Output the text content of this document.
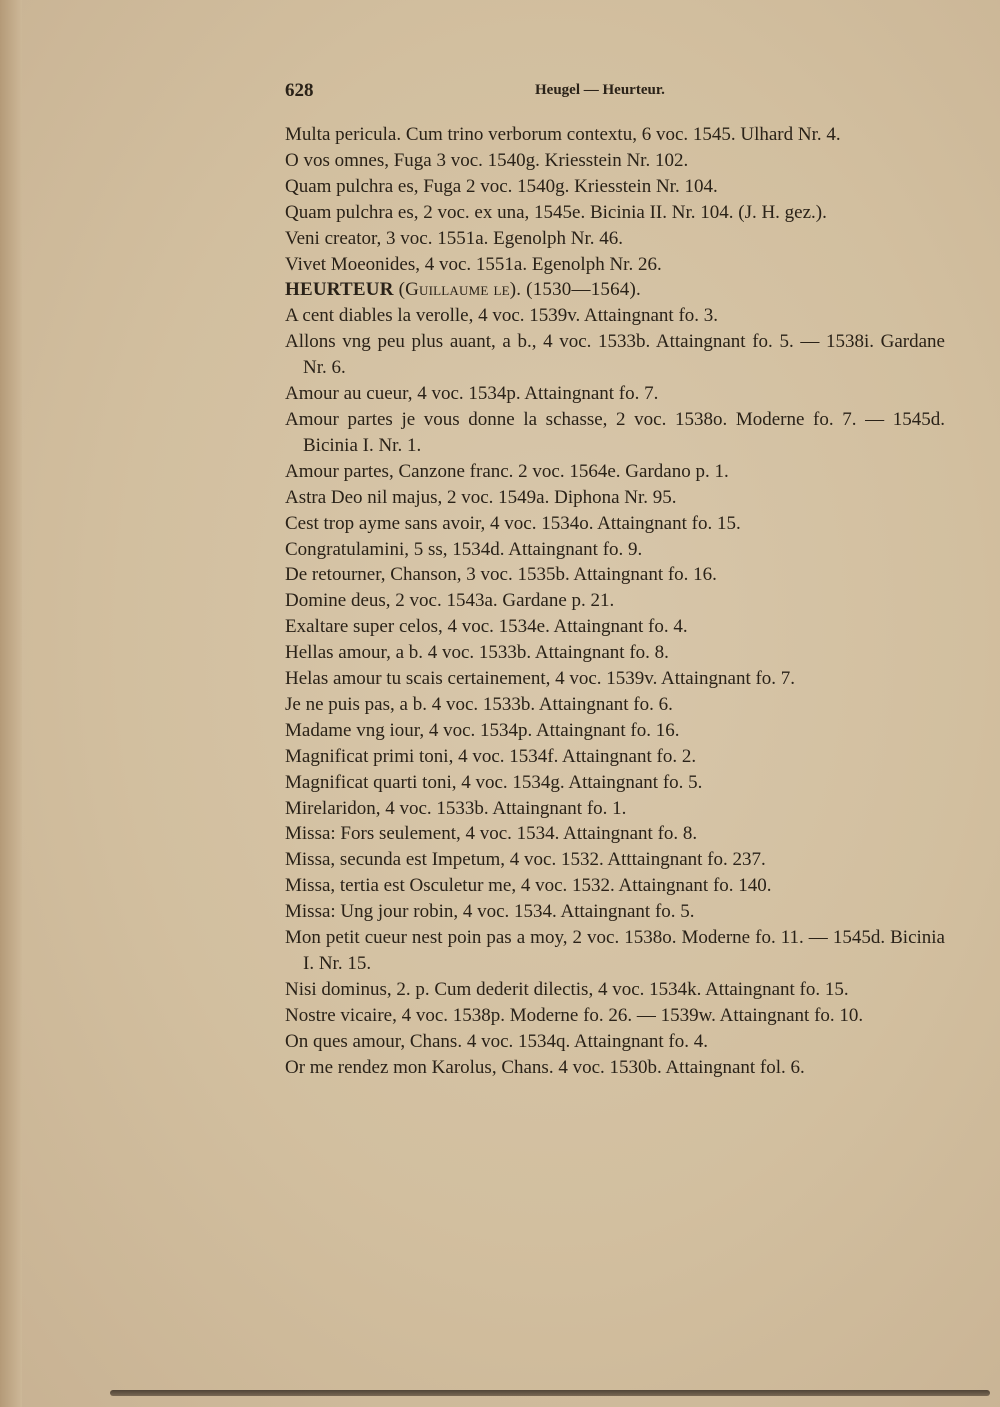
628	Heugel — Heurteur.
Multa pericula. Cum trino verborum contextu, 6 voc. 1545. Ulhard Nr. 4.
O vos omnes, Fuga 3 voc. 1540g. Kriesstein Nr. 102.
Quam pulchra es, Fuga 2 voc. 1540g. Kriesstein Nr. 104.
Quam pulchra es, 2 voc. ex una, 1545e. Bicinia II. Nr. 104. (J. H. gez.).
Veni creator, 3 voc. 1551a. Egenolph Nr. 46.
Vivet Moeonides, 4 voc. 1551a. Egenolph Nr. 26.
HEURTEUR (Guillaume le). (1530—1564).
A cent diables la verolle, 4 voc. 1539v. Attaingnant fo. 3.
Allons vng peu plus auant, a b., 4 voc. 1533b. Attaingnant fo. 5. — 1538i. Gardane Nr. 6.
Amour au cueur, 4 voc. 1534p. Attaingnant fo. 7.
Amour partes je vous donne la schasse, 2 voc. 1538o. Moderne fo. 7. — 1545d. Bicinia I. Nr. 1.
Amour partes, Canzone franc. 2 voc. 1564e. Gardano p. 1.
Astra Deo nil majus, 2 voc. 1549a. Diphona Nr. 95.
Cest trop ayme sans avoir, 4 voc. 1534o. Attaingnant fo. 15.
Congratulamini, 5 ss, 1534d. Attaingnant fo. 9.
De retourner, Chanson, 3 voc. 1535b. Attaingnant fo. 16.
Domine deus, 2 voc. 1543a. Gardane p. 21.
Exaltare super celos, 4 voc. 1534e. Attaingnant fo. 4.
Hellas amour, a b. 4 voc. 1533b. Attaingnant fo. 8.
Helas amour tu scais certainement, 4 voc. 1539v. Attaingnant fo. 7.
Je ne puis pas, a b. 4 voc. 1533b. Attaingnant fo. 6.
Madame vng iour, 4 voc. 1534p. Attaingnant fo. 16.
Magnificat primi toni, 4 voc. 1534f. Attaingnant fo. 2.
Magnificat quarti toni, 4 voc. 1534g. Attaingnant fo. 5.
Mirelaridon, 4 voc. 1533b. Attaingnant fo. 1.
Missa: Fors seulement, 4 voc. 1534. Attaingnant fo. 8.
Missa, secunda est Impetum, 4 voc. 1532. Atttaingnant fo. 237.
Missa, tertia est Osculetur me, 4 voc. 1532. Attaingnant fo. 140.
Missa: Ung jour robin, 4 voc. 1534. Attaingnant fo. 5.
Mon petit cueur nest poin pas a moy, 2 voc. 1538o. Moderne fo. 11. — 1545d. Bicinia I. Nr. 15.
Nisi dominus, 2. p. Cum dederit dilectis, 4 voc. 1534k. Attaingnant fo. 15.
Nostre vicaire, 4 voc. 1538p. Moderne fo. 26. — 1539w. Attaingnant fo. 10.
On ques amour, Chans. 4 voc. 1534q. Attaingnant fo. 4.
Or me rendez mon Karolus, Chans. 4 voc. 1530b. Attaingnant fol. 6.
